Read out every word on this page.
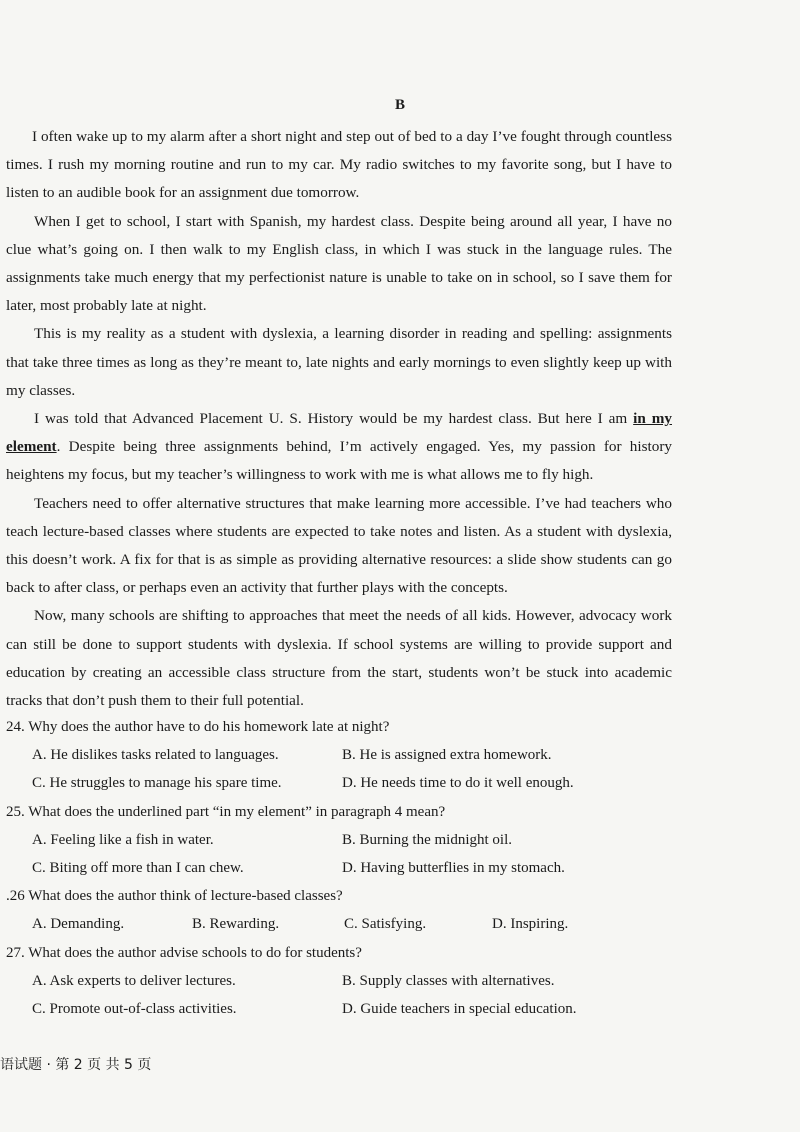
B

I often wake up to my alarm after a short night and step out of bed to a day I’ve fought through countless times. I rush my morning routine and run to my car. My radio switches to my favorite song, but I have to listen to an audible book for an assignment due tomorrow.

When I get to school, I start with Spanish, my hardest class. Despite being around all year, I have no clue what’s going on. I then walk to my English class, in which I was stuck in the language rules. The assignments take much energy that my perfectionist nature is unable to take on in school, so I save them for later, most probably late at night.

This is my reality as a student with dyslexia, a learning disorder in reading and spelling: assignments that take three times as long as they’re meant to, late nights and early mornings to even slightly keep up with my classes.

I was told that Advanced Placement U. S. History would be my hardest class. But here I am in my element. Despite being three assignments behind, I’m actively engaged. Yes, my passion for history heightens my focus, but my teacher’s willingness to work with me is what allows me to fly high.

Teachers need to offer alternative structures that make learning more accessible. I’ve had teachers who teach lecture-based classes where students are expected to take notes and listen. As a student with dyslexia, this doesn’t work. A fix for that is as simple as providing alternative resources: a slide show students can go back to after class, or perhaps even an activity that further plays with the concepts.

Now, many schools are shifting to approaches that meet the needs of all kids. However, advocacy work can still be done to support students with dyslexia. If school systems are willing to provide support and education by creating an accessible class structure from the start, students won’t be stuck into academic tracks that don’t push them to their full potential.

24. Why does the author have to do his homework late at night?
A. He dislikes tasks related to languages.	B. He is assigned extra homework.
C. He struggles to manage his spare time.	D. He needs time to do it well enough.
25. What does the underlined part “in my element” in paragraph 4 mean?
A. Feeling like a fish in water.	B. Burning the midnight oil.
C. Biting off more than I can chew.	D. Having butterflies in my stomach.
.26 What does the author think of lecture-based classes?
A. Demanding.	B. Rewarding.	C. Satisfying.	D. Inspiring.
27. What does the author advise schools to do for students?
A. Ask experts to deliver lectures.	B. Supply classes with alternatives.
C. Promote out-of-class activities.	D. Guide teachers in special education.
语试题 · 第 2 页 共 5 页
